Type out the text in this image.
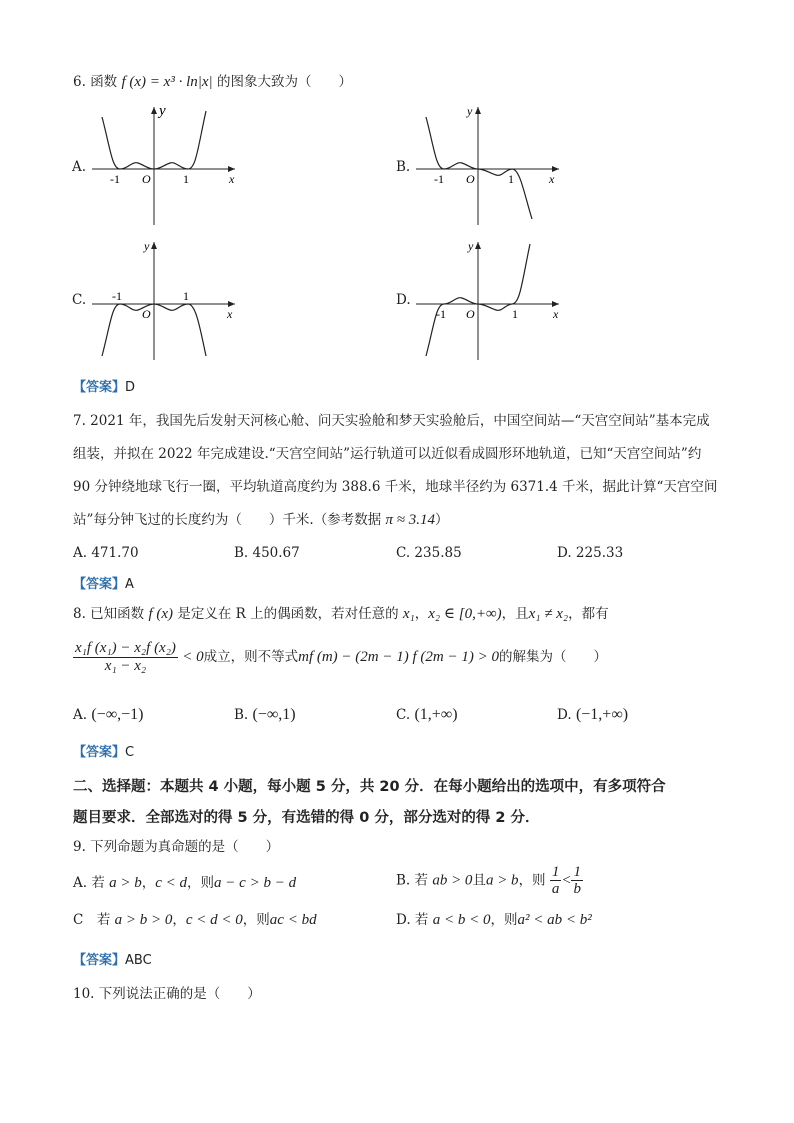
6. 函数 f (x) = x³ · ln|x| 的图象大致为（　　）
A.
y
x
O
-1	1
B.
y
x
O
-1	1
C.
y
x
O
-1	1	D.
y
x
O
-1	1
【答案】D
7. 2021 年，我国先后发射天河核心舱、问天实验舱和梦天实验舱后，中国空间站—“天宫空间站”基本完成
组装，并拟在 2022 年完成建设.“天宫空间站”运行轨道可以近似看成圆形环地轨道，已知“天宫空间站”约
90 分钟绕地球飞行一圈，平均轨道高度约为 388.6 千米，地球半径约为 6371.4 千米，据此计算“天宫空间
站”每分钟飞过的长度约为（　　）千米.（参考数据 π ≈ 3.14）
A. 471.70	B. 450.67	C. 235.85	D. 225.33
【答案】A
8. 已知函数 f (x) 是定义在 R 上的偶函数，若对任意的 x₁，x₂ ∈ [0,+∞)，且x₁ ≠ x₂，都有
$\frac{\text{x₁f (x₁) − x₂f (x₂)}}{\text{x₁ − x₂}} < 0$成立，则不等式mf (m) − (2m − 1) f (2m − 1) > 0的解集为（　　）
A. (−∞,−1)	B. (−∞,1)	C. (1,+∞)	D. (−1,+∞)
【答案】C
二、选择题：本题共 4 小题，每小题 5 分，共 20 分．在每小题给出的选项中，有多项符合
题目要求．全部选对的得 5 分，有选错的得 0 分，部分选对的得 2 分．
9. 下列命题为真命题的是（　　）
A. 若 a > b，c < d，则a − c > b − d	B. 若 ab > 0且a > b，则 $\frac{1}{a} < \frac{1}{b}$
C　若 a > b > 0，c < d < 0，则ac < bd	D. 若 a < b < 0，则a² < ab < b²
【答案】ABC
10. 下列说法正确的是（　　）
